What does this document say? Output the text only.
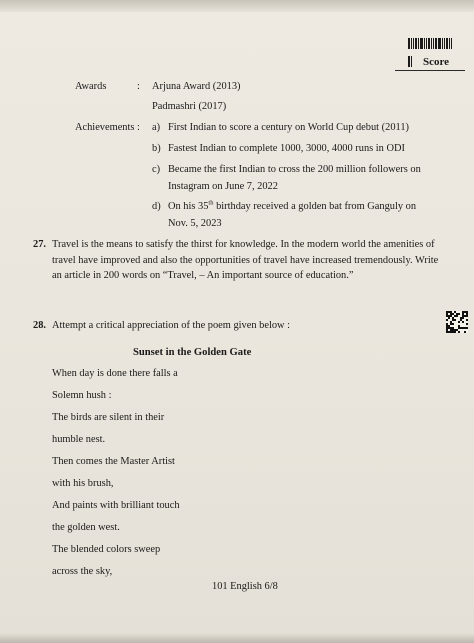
Score
Awards	: Arjuna Award (2013)
Padmashri (2017)
Achievements : a) First Indian to score a century on World Cup debut (2011)
b) Fastest Indian to complete 1000, 3000, 4000 runs in ODI
c) Became the first Indian to cross the 200 million followers on
Instagram on June 7, 2022
d) On his 35th birthday received a golden bat from Ganguly on
Nov. 5, 2023
27. Travel is the means to satisfy the thirst for knowledge. In the modern world the amenities of travel have improved and also the opportunities of travel have increased tremendously. Write an article in 200 words on “Travel, – An important source of education.”
28. Attempt a critical appreciation of the poem given below :
Sunset in the Golden Gate
When day is done there falls a
Solemn hush :
The birds are silent in their
humble nest.
Then comes the Master Artist
with his brush,
And paints with brilliant touch
the golden west.
The blended colors sweep
across the sky,
101 English 6/8
